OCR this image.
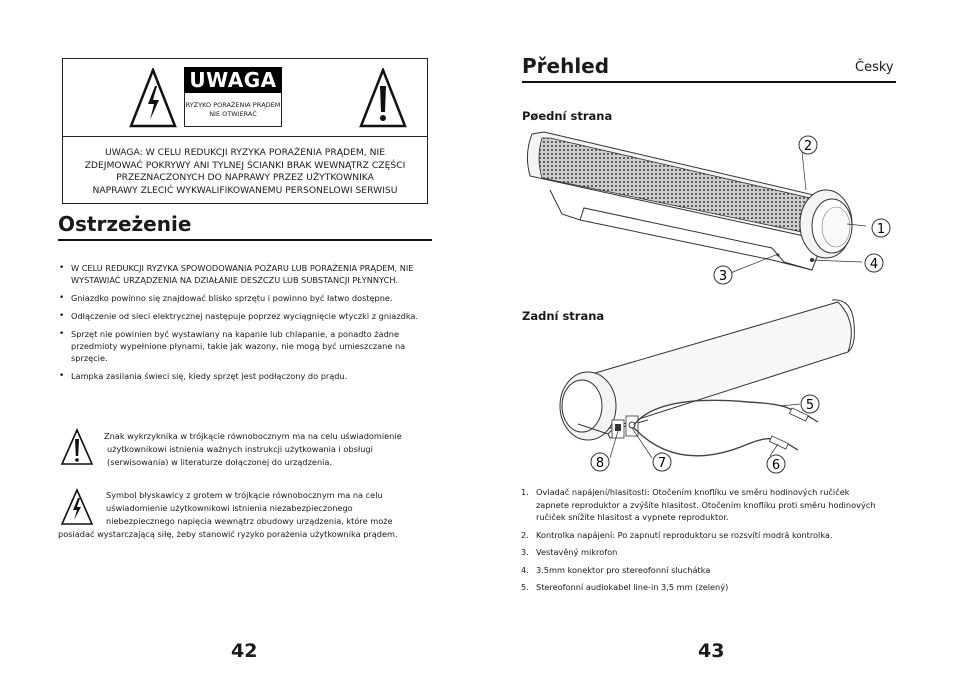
UWAGA
RYZYKO PORAŻENIA PRĄDEM
NIE OTWIERAĆ
UWAGA: W CELU REDUKCJI RYZYKA PORAŻENIA PRĄDEM, NIE
ZDEJMOWAĆ POKRYWY ANI TYLNEJ ŚCIANKI BRAK WEWNĄTRZ CZĘŚCI
PRZEZNACZONYCH DO NAPRAWY PRZEZ UŻYTKOWNIKA
NAPRAWY ZLECIĆ WYKWALIFIKOWANEMU PERSONELOWI SERWISU
Ostrzeżenie
• W CELU REDUKCJI RYZYKA SPOWODOWANIA POŻARU LUB PORAŻENIA PRĄDEM, NIE WYSTAWIAĆ URZĄDZENIA NA DZIAŁANIE DESZCZU LUB SUBSTANCJI PŁYNNYCH.
• Gniazdko powinno się znajdować blisko sprzętu i powinno być łatwo dostępne.
• Odłączenie od sieci elektrycznej następuje poprzez wyciągnięcie wtyczki z gniazdka.
• Sprzęt nie powinien być wystawiany na kapanie lub chlapanie, a ponadto żadne przedmioty wypełnione płynami, takie jak wazony, nie mogą być umieszczane na sprzęcie.
• Lampka zasilania świeci się, kiedy sprzęt jest podłączony do prądu.
Znak wykrzyknika w trójkącie równobocznym ma na celu uświadomienie
użytkownikowi istnienia ważnych instrukcji użytkowania i obsługi
(serwisowania) w literaturze dołączonej do urządzenia.
Symbol błyskawicy z grotem w trójkącie równobocznym ma na celu
uświadomienie użytkownikowi istnienia niezabezpieczonego
niebezpiecznego napięcia wewnątrz obudowy urządzenia, które może
posiadać wystarczającą siłę, żeby stanowić ryzyko porażenia użytkownika prądem.
42
Přehled	Česky
Pøední strana
2
1
4
3
Zadní strana
5
6
7
8
1. Ovladač napájení/hlasitosti: Otočením knoflíku ve směru hodinových ručiček
zapnete reproduktor a zvýšíte hlasitost. Otočením knoflíku proti směru hodinových
ručiček snížíte hlasitost a vypnete reproduktor.
2. Kontrolka napájení: Po zapnutí reproduktoru se rozsvítí modrá kontrolka.
3. Vestavěný mikrofon
4. 3.5mm konektor pro stereofonní sluchátka
5. Stereofonní audiokabel line-in 3,5 mm (zelený)
43
